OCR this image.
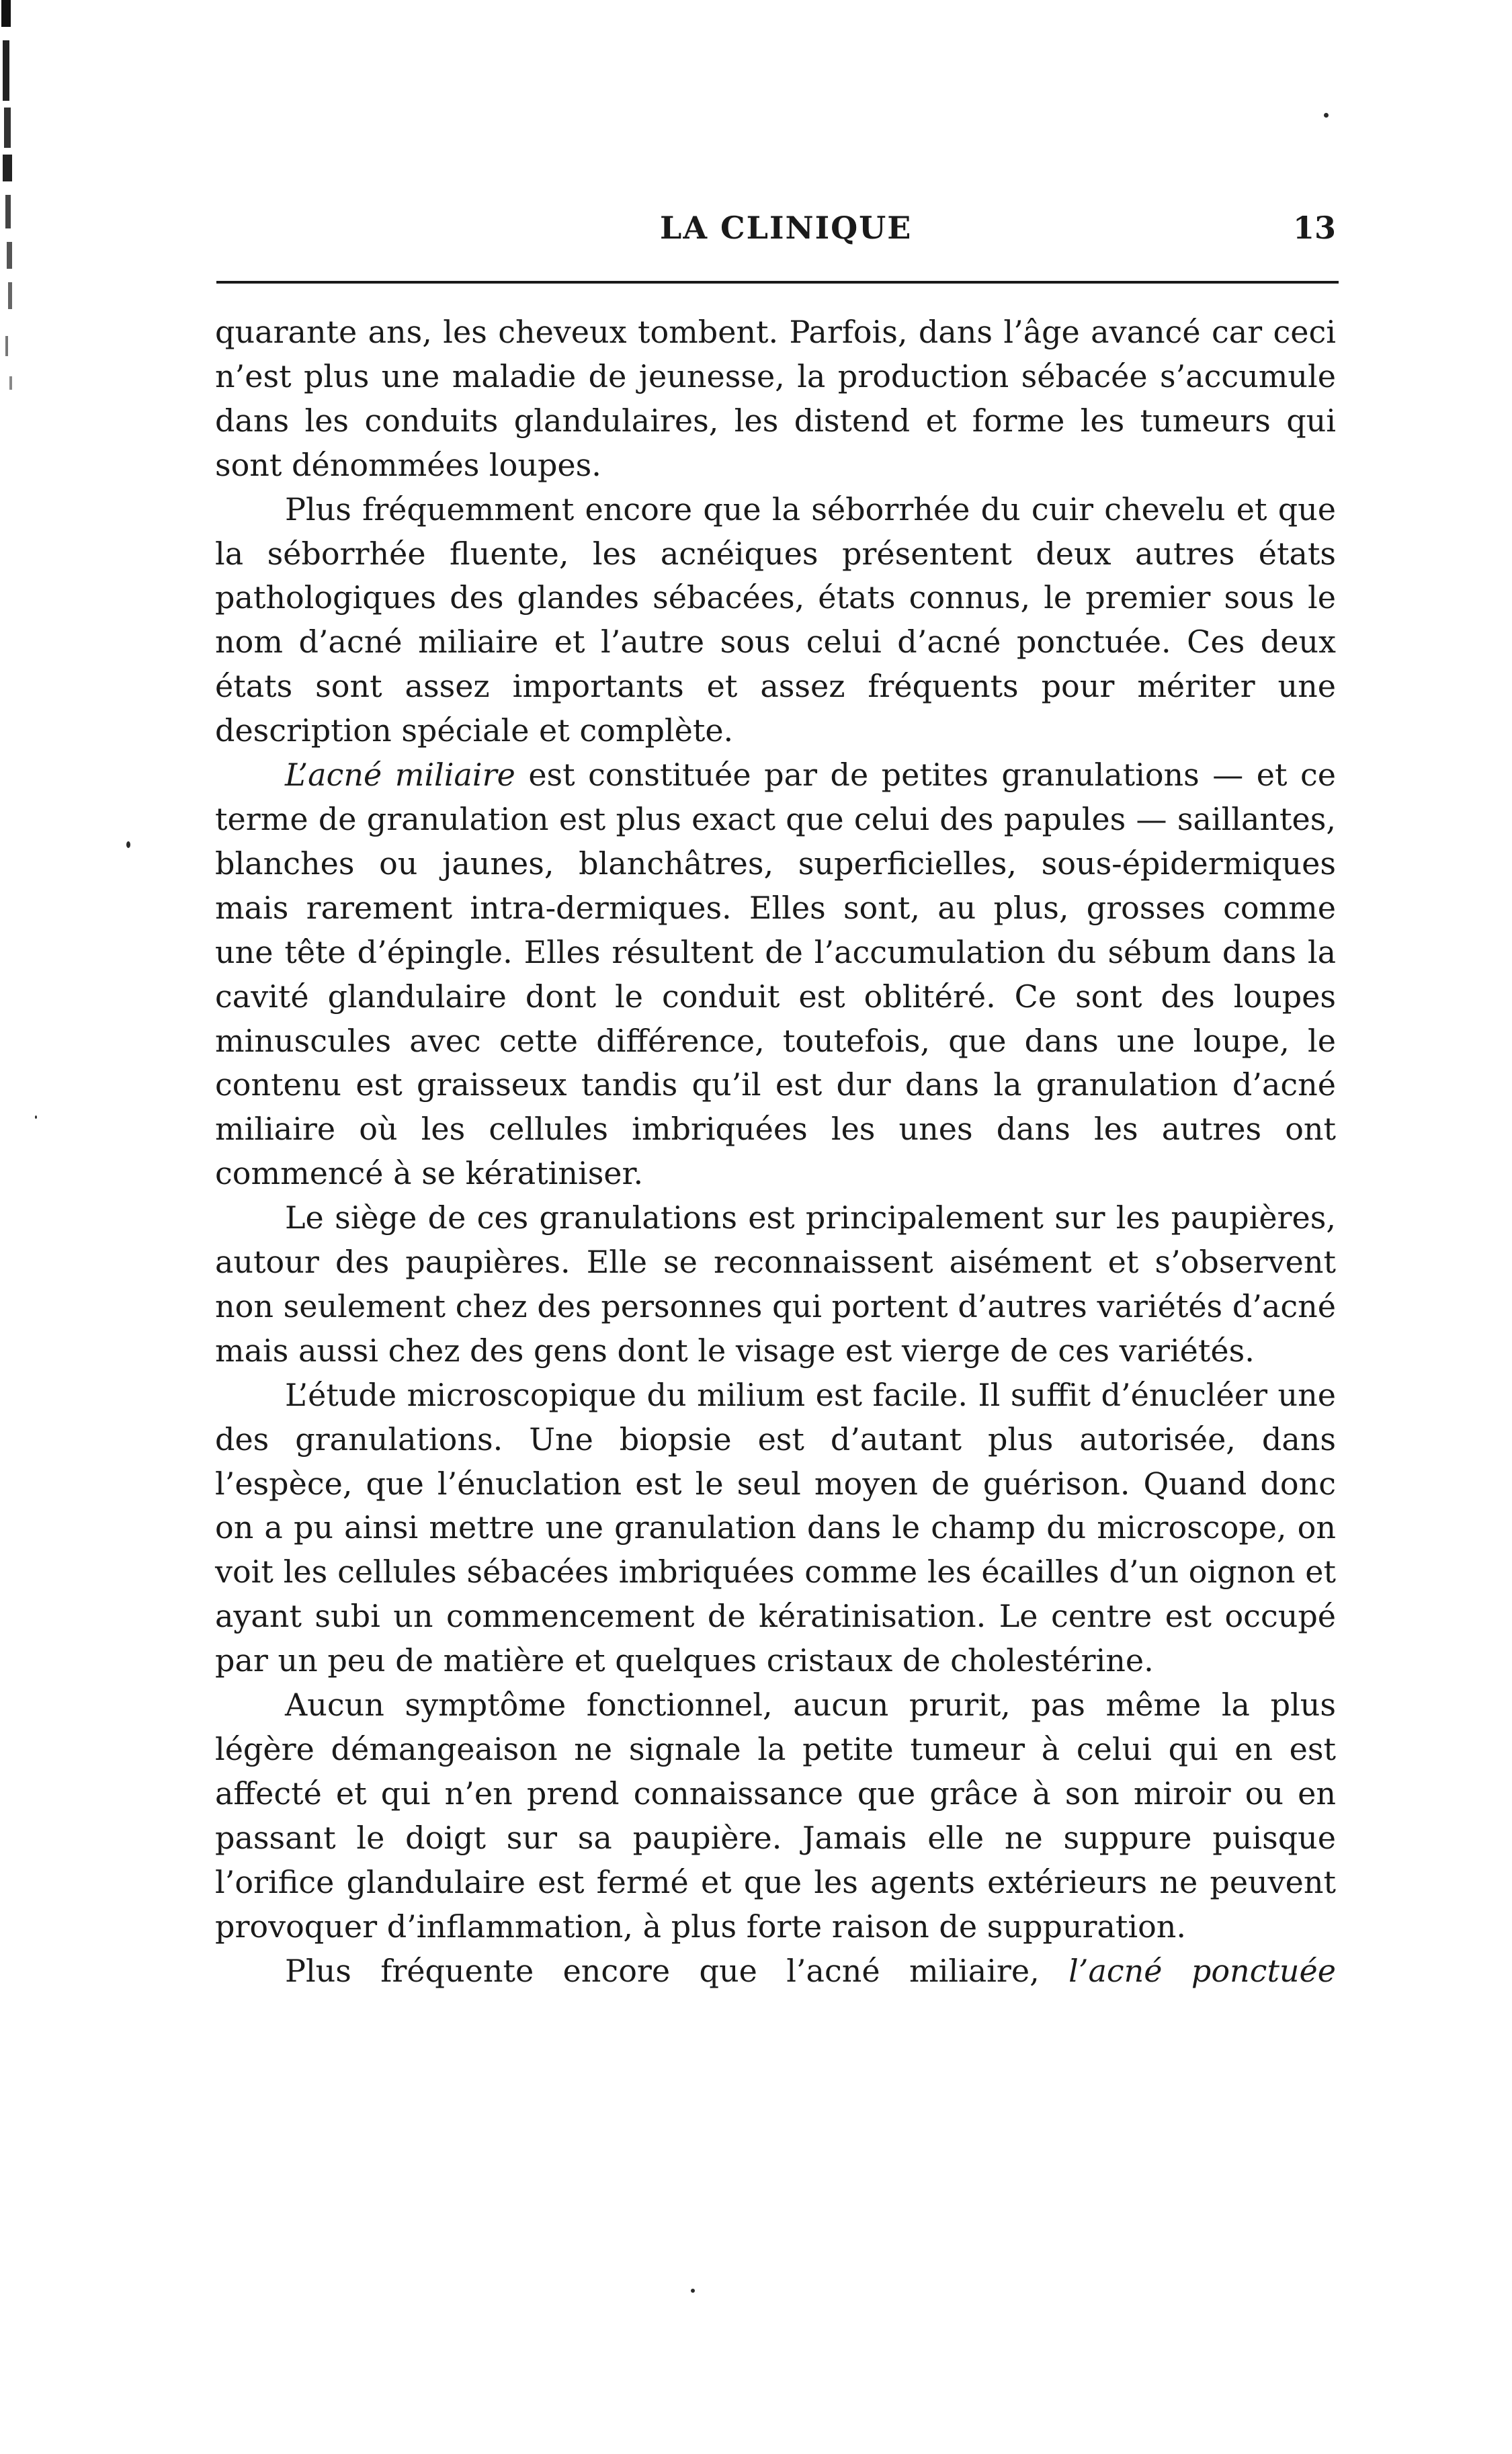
LA CLINIQUE	13

quarante ans, les cheveux tombent. Parfois, dans l’âge avancé car ceci n’est plus une maladie de jeunesse, la production sébacée s’accumule dans les conduits glandulaires, les distend et forme les tumeurs qui sont dénommées loupes.

Plus fréquemment encore que la séborrhée du cuir chevelu et que la séborrhée fluente, les acnéiques présentent deux autres états pathologiques des glandes sébacées, états connus, le premier sous le nom d’acné miliaire et l’autre sous celui d’acné ponctuée. Ces deux états sont assez importants et assez fréquents pour mériter une description spéciale et complète.

L’acné miliaire est constituée par de petites granulations — et ce terme de granulation est plus exact que celui des papules — saillantes, blanches ou jaunes, blanchâtres, superficielles, sous-épidermiques mais rarement intra-dermiques. Elles sont, au plus, grosses comme une tête d’épingle. Elles résultent de l’accumulation du sébum dans la cavité glandulaire dont le conduit est oblitéré. Ce sont des loupes minuscules avec cette différence, toutefois, que dans une loupe, le contenu est graisseux tandis qu’il est dur dans la granulation d’acné miliaire où les cellules imbriquées les unes dans les autres ont commencé à se kératiniser.

Le siège de ces granulations est principalement sur les paupières, autour des paupières. Elle se reconnaissent aisément et s’observent non seulement chez des personnes qui portent d’autres variétés d’acné mais aussi chez des gens dont le visage est vierge de ces variétés.

L’étude microscopique du milium est facile. Il suffit d’énucléer une des granulations. Une biopsie est d’autant plus autorisée, dans l’espèce, que l’énuclation est le seul moyen de guérison. Quand donc on a pu ainsi mettre une granulation dans le champ du microscope, on voit les cellules sébacées imbriquées comme les écailles d’un oignon et ayant subi un commencement de kératinisation. Le centre est occupé par un peu de matière et quelques cristaux de cholestérine.

Aucun symptôme fonctionnel, aucun prurit, pas même la plus légère démangeaison ne signale la petite tumeur à celui qui en est affecté et qui n’en prend connaissance que grâce à son miroir ou en passant le doigt sur sa paupière. Jamais elle ne suppure puisque l’orifice glandulaire est fermé et que les agents extérieurs ne peuvent provoquer d’inflammation, à plus forte raison de suppuration.

Plus fréquente encore que l’acné miliaire, l’acné ponctuée
